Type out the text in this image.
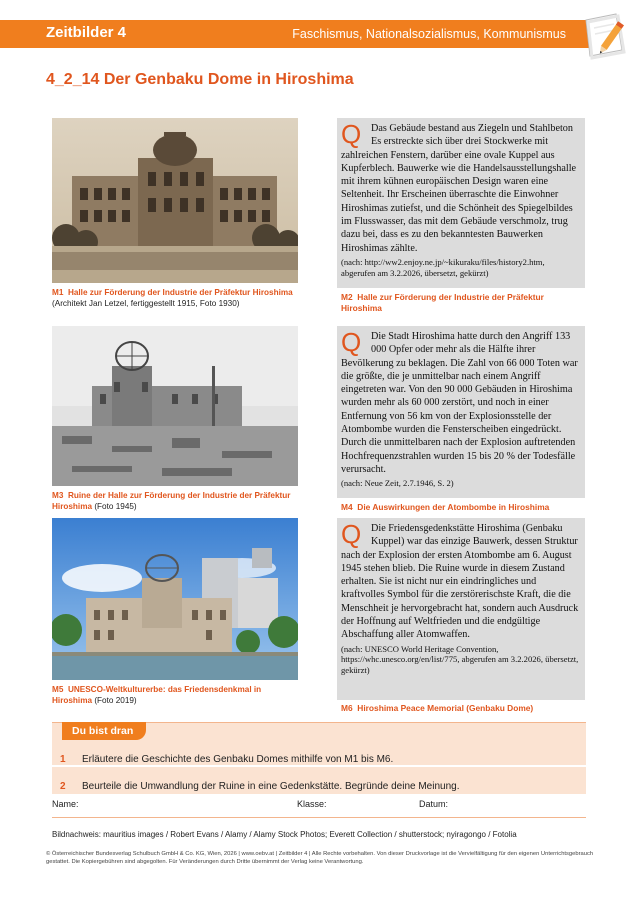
Zeitbilder 4	Faschismus, Nationalsozialismus, Kommunismus
4_2_14 Der Genbaku Dome in Hiroshima
M1 Halle zur Förderung der Industrie der Präfektur Hiroshima (Architekt Jan Letzel, fertiggestellt 1915, Foto 1930)
M3 Ruine der Halle zur Förderung der Industrie der Präfektur Hiroshima (Foto 1945)
M5 UNESCO-Weltkulturerbe: das Friedensdenkmal in Hiroshima (Foto 2019)
Q Das Gebäude bestand aus Ziegeln und Stahlbeton Es erstreckte sich über drei Stockwerke mit zahlreichen Fenstern, darüber eine ovale Kuppel aus Kupferblech. Bauwerke wie die Handelsausstellungshalle mit ihrem kühnen europäischen Design waren eine Seltenheit. Ihr Erscheinen überraschte die Einwohner Hiroshimas zutiefst, und die Schönheit des Spiegelbildes im Flusswasser, das mit dem Gebäude verschmolz, trug dazu bei, dass es zu den bekanntesten Bauwerken Hiroshimas zählte.
(nach: http://ww2.enjoy.ne.jp/~kikuraku/files/history2.htm, abgerufen am 3.2.2026, übersetzt, gekürzt)
M2 Halle zur Förderung der Industrie der Präfektur Hiroshima
Q Die Stadt Hiroshima hatte durch den Angriff 133 000 Opfer oder mehr als die Hälfte ihrer Bevölkerung zu beklagen. Die Zahl von 66 000 Toten war die größte, die je unmittelbar nach einem Angriff eingetreten war. Von den 90 000 Gebäuden in Hiroshima wurden mehr als 60 000 zerstört, und noch in einer Entfernung von 56 km von der Explosionsstelle der Atombombe wurden die Fensterscheiben eingedrückt. Durch die unmittelbaren nach der Explosion auftretenden Hochfrequenzstrahlen wurden 15 bis 20 % der Todesfälle verursacht.
(nach: Neue Zeit, 2.7.1946, S. 2)
M4 Die Auswirkungen der Atombombe in Hiroshima
Q Die Friedensgedenkstätte Hiroshima (Genbaku Kuppel) war das einzige Bauwerk, dessen Struktur nach der Explosion der ersten Atombombe am 6. August 1945 stehen blieb. Die Ruine wurde in diesem Zustand erhalten. Sie ist nicht nur ein eindringliches und kraftvolles Symbol für die zerstörerischste Kraft, die die Menschheit je hervorgebracht hat, sondern auch Ausdruck der Hoffnung auf Weltfrieden und die endgültige Abschaffung aller Atomwaffen.
(nach: UNESCO World Heritage Convention, https://whc.unesco.org/en/list/775, abgerufen am 3.2.2026, übersetzt, gekürzt)
M6 Hiroshima Peace Memorial (Genbaku Dome)
Du bist dran
1 Erläutere die Geschichte des Genbaku Domes mithilfe von M1 bis M6.
2 Beurteile die Umwandlung der Ruine in eine Gedenkstätte. Begründe deine Meinung.
Name:	Klasse:	Datum:
Bildnachweis: mauritius images / Robert Evans / Alamy / Alamy Stock Photos; Everett Collection / shutterstock; nyiragongo / Fotolia
© Österreichischer Bundesverlag Schulbuch GmbH & Co. KG, Wien, 2026 | www.oebv.at | Zeitbilder 4 | Alle Rechte vorbehalten. Von dieser Druckvorlage ist die Vervielfältigung für den eigenen Unterrichtsgebrauch gestattet. Die Kopiergebühren sind abgegolten. Für Veränderungen durch Dritte übernimmt der Verlag keine Verantwortung.
